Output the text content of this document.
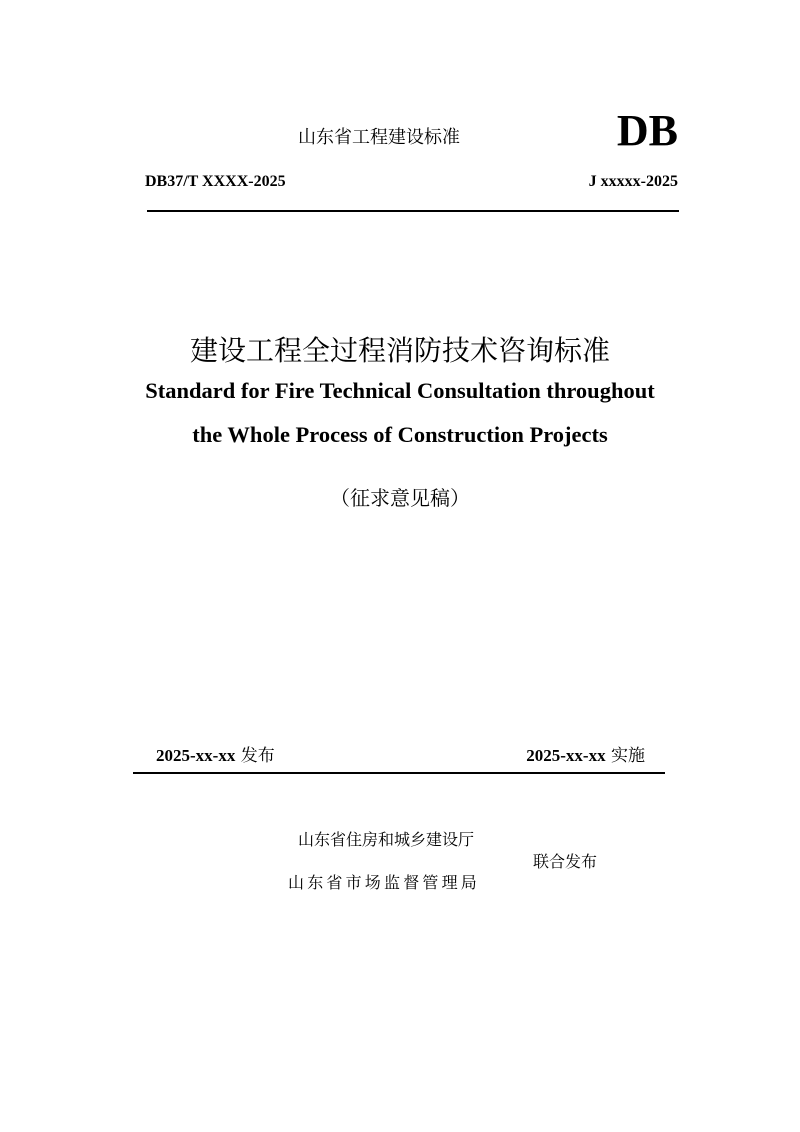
山东省工程建设标准	DB
DB37/T XXXX-2025	J xxxxx-2025
建设工程全过程消防技术咨询标准
Standard for Fire Technical Consultation throughout
the Whole Process of Construction Projects
（征求意见稿）
2025-xx-xx 发布	2025-xx-xx 实施
山东省住房和城乡建设厅
山东省市场监督管理局
联合发布
